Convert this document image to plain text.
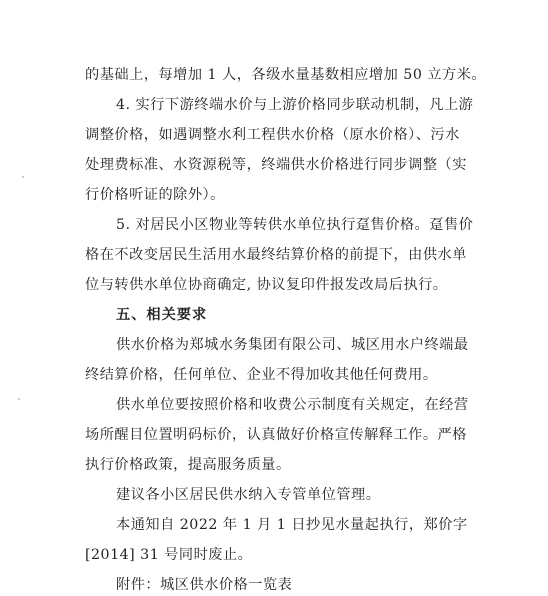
的基础上，每增加 1 人，各级水量基数相应增加 50 立方米。
4. 实行下游终端水价与上游价格同步联动机制，凡上游
调整价格，如遇调整水利工程供水价格（原水价格）、污水
处理费标准、水资源税等，终端供水价格进行同步调整（实
行价格听证的除外）。
5. 对居民小区物业等转供水单位执行趸售价格。趸售价
格在不改变居民生活用水最终结算价格的前提下，由供水单
位与转供水单位协商确定, 协议复印件报发改局后执行。
五、相关要求
供水价格为郑城水务集团有限公司、城区用水户终端最
终结算价格，任何单位、企业不得加收其他任何费用。
供水单位要按照价格和收费公示制度有关规定，在经营
场所醒目位置明码标价，认真做好价格宣传解释工作。严格
执行价格政策，提高服务质量。
建议各小区居民供水纳入专管单位管理。
本通知自 2022 年 1 月 1 日抄见水量起执行，郑价字
[2014] 31 号同时废止。
附件：城区供水价格一览表
